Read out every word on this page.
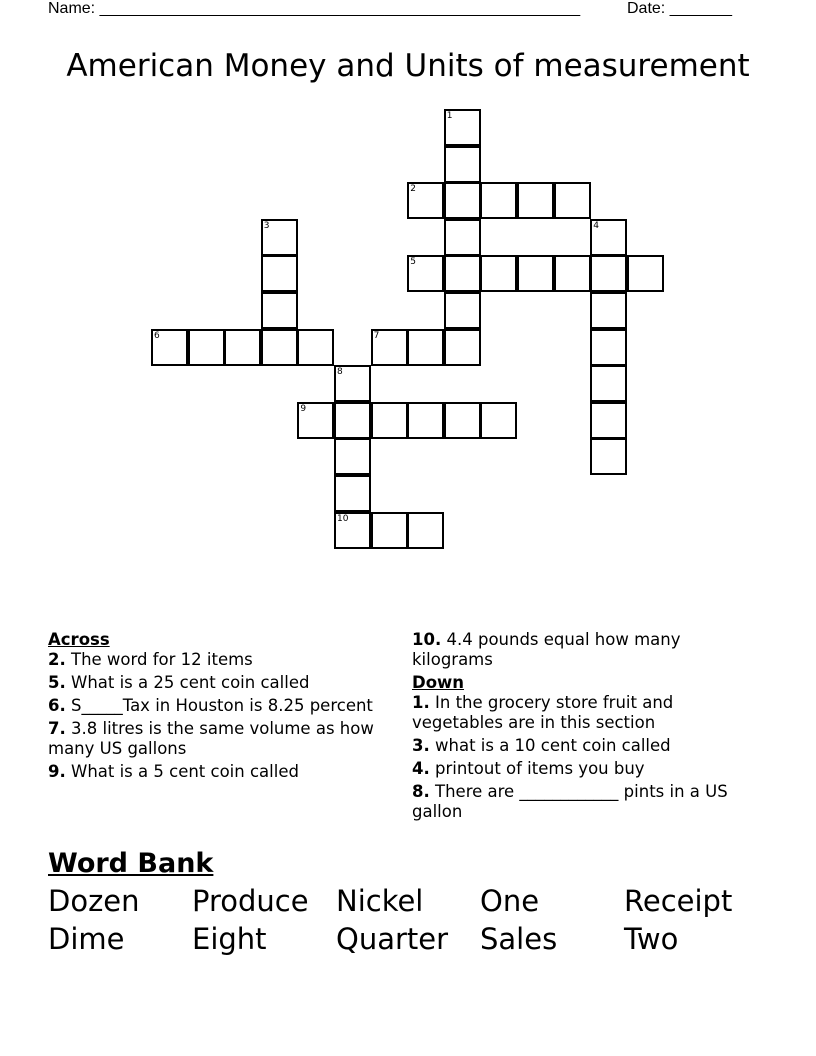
Name: ______________________________________________________	Date: _______
American Money and Units of measurement
1
2
3	4
5
6	7
8
10
9
Across
2. The word for 12 items
5. What is a 25 cent coin called
6. S_____Tax in Houston is 8.25 percent
7. 3.8 litres is the same volume as how many US gallons
9. What is a 5 cent coin called
10. 4.4 pounds equal how many kilograms
Down
1. In the grocery store fruit and vegetables are in this section
3. what is a 10 cent coin called
4. printout of items you buy
8. There are ____________ pints in a US gallon
Word Bank
Dozen Produce Nickel One	Receipt
Dime Eight Quarter Sales Two
